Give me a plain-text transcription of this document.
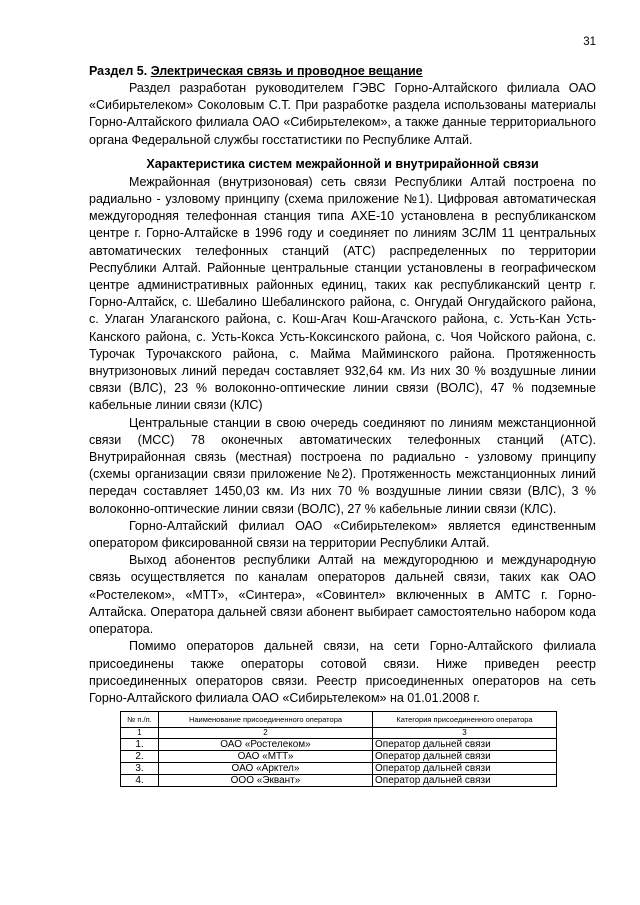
31
Раздел 5. Электрическая связь и проводное вещание

Раздел разработан руководителем ГЭВС Горно-Алтайского филиала ОАО «Сибирьтелеком» Соколовым С.Т. При разработке раздела использованы материалы Горно-Алтайского филиала ОАО «Сибирьтелеком», а также данные территориального органа Федеральной службы госстатистики по Республике Алтай.

Характеристика систем межрайонной и внутрирайонной связи

Межрайонная (внутризоновая) сеть связи Республики Алтай построена по радиально - узловому принципу (схема приложение №1). Цифровая автоматическая междугородняя телефонная станция типа АХЕ-10 установлена в республиканском центре г. Горно-Алтайске в 1996 году и соединяет по линиям ЗСЛМ 11 центральных автоматических телефонных станций (АТС) распределенных по территории Республики Алтай. Районные центральные станции установлены в географическом центре административных районных единиц, таких как республиканский центр г. Горно-Алтайск, с. Шебалино Шебалинского района, с. Онгудай Онгудайского района, с. Улаган Улаганского района, с. Кош-Агач Кош-Агачского района, с. Усть-Кан Усть-Канского района, с. Усть-Кокса Усть-Коксинского района, с. Чоя Чойского района, с. Турочак Турочакского района, с. Майма Майминского района. Протяженность внутризоновых линий передач составляет 932,64 км. Из них 30 % воздушные линии связи (ВЛС), 23 % волоконно-оптические линии связи (ВОЛС), 47 % подземные кабельные линии связи (КЛС)

Центральные станции в свою очередь соединяют по линиям межстанционной связи (МСС) 78 оконечных автоматических телефонных станций (АТС). Внутрирайонная связь (местная) построена по радиально - узловому принципу (схемы организации связи приложение №2). Протяженность межстанционных линий передач составляет 1450,03 км. Из них 70 % воздушные линии связи (ВЛС), 3 % волоконно-оптические линии связи (ВОЛС), 27 % кабельные линии связи (КЛС).

Горно-Алтайский филиал ОАО «Сибирьтелеком» является единственным оператором фиксированной связи на территории Республики Алтай.

Выход абонентов республики Алтай на междугороднюю и международную связь осуществляется по каналам операторов дальней связи, таких как ОАО «Ростелеком», «МТТ», «Синтера», «Совинтел» включенных в АМТС г. Горно-Алтайска. Оператора дальней связи абонент выбирает самостоятельно набором кода оператора.

Помимо операторов дальней связи, на сети Горно-Алтайского филиала присоединены также операторы сотовой связи. Ниже приведен реестр присоединенных операторов связи. Реестр присоединенных операторов на сеть Горно-Алтайского филиала ОАО «Сибирьтелеком» на 01.01.2008 г.

№ п./п.	Наименование присоединенного оператора	Категория присоединенного оператора
1	2	3
1.	ОАО «Ростелеком»	Оператор дальней связи
2.	ОАО «МТТ»	Оператор дальней связи
3.	ОАО «Арктел»	Оператор дальней связи
4.	ООО «Эквант»	Оператор дальней связи
